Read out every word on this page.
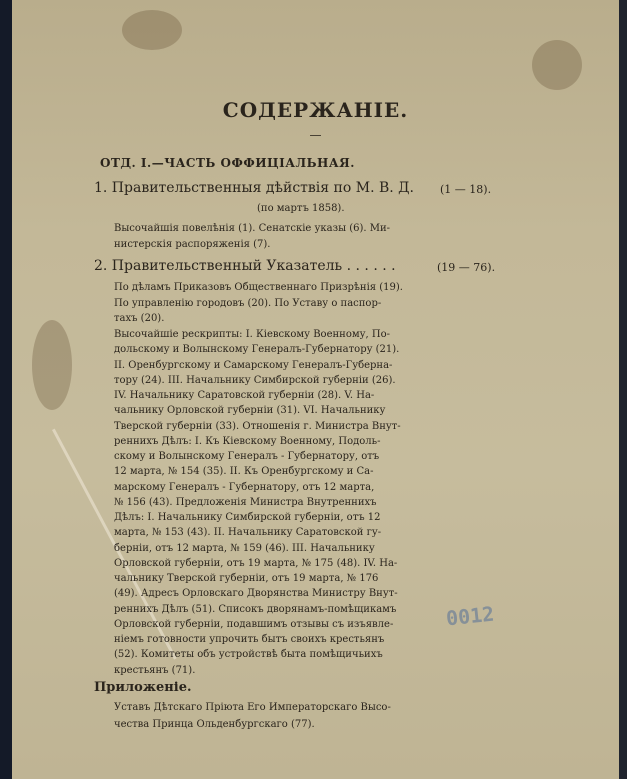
СОДЕРЖАНІЕ.
—
ОТД. I.—ЧАСТЬ ОФФИЦІАЛЬНАЯ.
1. Правительственныя дѣйствія по М. В. Д. (1 — 18).
(по мартъ 1858).
Высочайшія повелѣнія (1). Сенатскіе указы (6). Ми-
нистерскія распоряженія (7).
2. Правительственный Указатель . . . . . .	(19 — 76).
По дѣламъ Приказовъ Общественнаго Призрѣнія (19).
По управленію городовъ (20). По Уставу о паспор-
тахъ (20).
Высочайшіе рескрипты: I. Кіевскому Военному, По-
дольскому и Волынскому Генералъ-Губернатору (21).
II. Оренбургскому и Самарскому Генералъ-Губерна-
тору (24). III. Начальнику Симбирской губерніи (26).
IV. Начальнику Саратовской губерніи (28). V. На-
чальнику Орловской губерніи (31). VI. Начальнику
Тверской губерніи (33). Отношенія г. Министра Внут-
реннихъ Дѣлъ: I. Къ Кіевскому Военному, Подоль-
скому и Волынскому Генералъ - Губернатору, отъ
12 марта, № 154 (35). II. Къ Оренбургскому и Са-
марскому Генералъ - Губернатору, отъ 12 марта,
№ 156 (43). Предложенія Министра Внутреннихъ
Дѣлъ: I. Начальнику Симбирской губерніи, отъ 12
марта, № 153 (43). II. Начальнику Саратовской гу-
берніи, отъ 12 марта, № 159 (46). III. Начальнику
Орловской губерніи, отъ 19 марта, № 175 (48). IV. На-
чальнику Тверской губерніи, отъ 19 марта, № 176
(49). Адресъ Орловскаго Дворянства Министру Внут-
реннихъ Дѣлъ (51). Списокъ дворянамъ-помѣщикамъ
Орловской губерніи, подавшимъ отзывы съ изъявле-
ніемъ готовности упрочить бытъ своихъ крестьянъ
(52). Комитеты объ устройствѣ быта помѣщичьихъ
крестьянъ (71).
Приложеніе.
Уставъ Дѣтскаго Пріюта Его Императорскаго Высо-
чества Принца Ольденбургскаго (77).
00​12
